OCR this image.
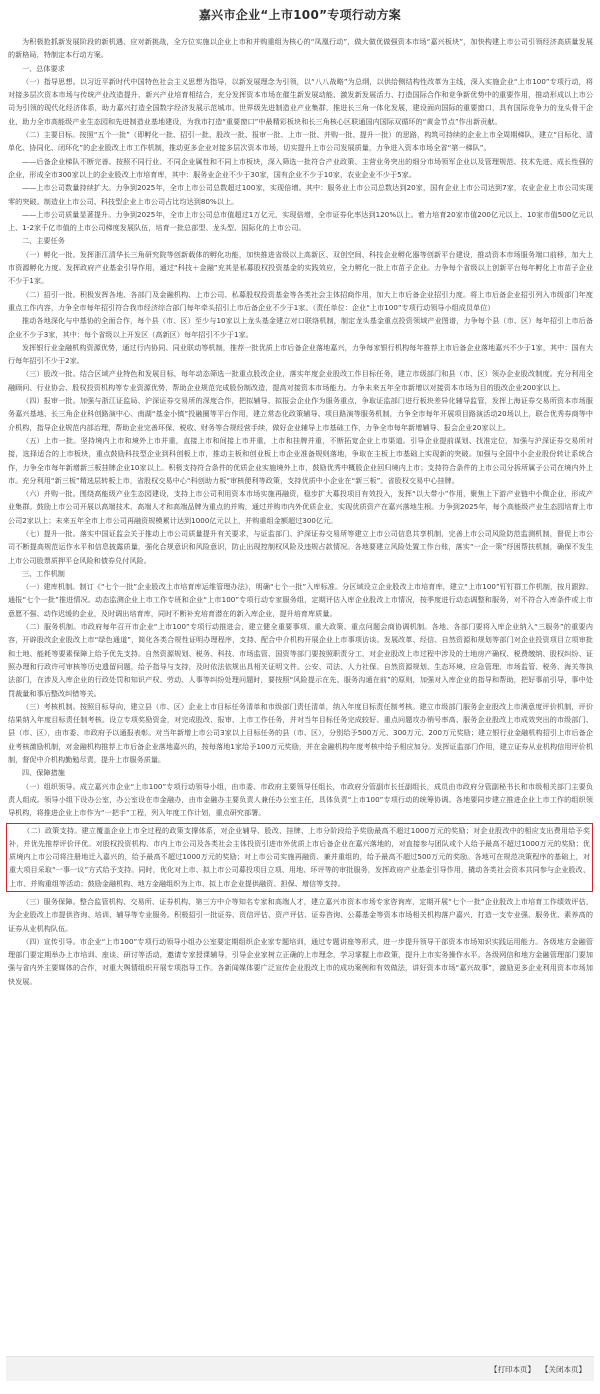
嘉兴市企业“上市100”专项行动方案

为积极抢抓新发展阶段的新机遇、应对新挑战，全方位实施以企业上市和并购重组为核心的“凤凰行动”，做大做优做强资本市场“嘉兴板块”，加快构建上市公司引领经济高质量发展的新格局，特制定本行动方案。

一、总体要求

（一）指导思想。以习近平新时代中国特色社会主义思想为指导，以新发展理念为引领，以“八八战略”为总纲，以供给侧结构性改革为主线，深入实施企业“上市100”专项行动，将对接多层次资本市场与传统产业改造提升、新兴产业培育相结合，充分发挥资本市场在催生新发展动能、激发新发展活力、打造国际合作和竞争新优势中的重要作用，推动形成以上市公司为引领的现代化经济体系，助力嘉兴打造全国数字经济发展示范城市、世界级先进制造业产业集群，推进长三角一体化发展，建设面向国际的重要窗口，具有国际竞争力的龙头骨干企业，助力全市高能级产业生态园和先进制造业基地建设，为我市打造“重要窗口”中最精彩板块和长三角核心区联通国内国际双循环的“黄金节点”作出新贡献。

（二）主要目标。按照“五个一批”（即孵化一批、招引一批、股改一批、报审一批、上市一批、并购一批、提升一批）的思路，构筑可持续的企业上市全周期梯队，建立“目标化、清单化、协同化、闭环化”的企业股改上市工作机制，推动更多企业对接多层次资本市场，切实提升上市公司发展质量，力争进入资本市场全省“第一梯队”。

——后备企业梯队不断完善。按照不同行业、不同企业属性和不同上市板块，深入筛选一批符合产业政策、主营业务突出的细分市场领军企业以及管理规范、技术先进、成长性强的企业，形成全市300家以上的企业股改上市培育库，其中：服务业企业不少于30家，国有企业不少于10家，农业企业不少于5家。

——上市公司数量持续扩大。力争到2025年，全市上市公司总数超过100家，实现倍增。其中：服务业上市公司总数达到20家，国有企业上市公司达到7家，农业企业上市公司实现零的突破。制造业上市公司、科技型企业上市公司占比均达到80%以上。

——上市公司质量显著提升。力争到2025年，全市上市公司总市值超过1万亿元，实现倍增，全市证券化率达到120%以上。着力培育20家市值200亿元以上、10家市值500亿元以上、1-2家千亿市值的上市公司梯度发展队伍，培育一批总部型、龙头型、国际化的上市公司。

二、主要任务

（一）孵化一批。发挥浙江清华长三角研究院等创新载体的孵化功能，加快推进省级以上高新区、双创空间、科技企业孵化器等创新平台建设，推动资本市场服务端口前移，加大上市资源孵化力度。发挥政府产业基金引导作用，通过“科技＋金融”充其是私募股权投资基金的实践效应，全力孵化一批上市苗子企业。力争每个省级以上创新平台每年孵化上市苗子企业不少于1家。

（二）招引一批。积极发挥各地、各部门及金融机构、上市公司、私募股权投资基金等各类社会主体招商作用，加大上市后备企业招引力度。将上市后备企业招引列入市级部门年度重点工作内容，力争全市每年招引符合我市经济综合部门每年牵头招引上市后备企业不少于1家。（责任单位：企业“上市100”专项行动领导小组成员单位）

推动各地深化与中基协的全面合作，每个县（市、区）至少与10家以上龙头基金建立对口联络机制，制定龙头基金重点投资领域产业图谱，力争每个县（市、区）每年招引上市后备企业不少于3家，其中：每个省级以上开发区（高新区）每年招引不少于1家。

发挥银行业金融机构资源优势，通过行内协同、同业联动等机制，推荐一批优质上市后备企业落地嘉兴，力争每家银行机构每年推荐上市后备企业落地嘉兴不少于1家，其中：国有大行每年招引不少于2家。

（三）股改一批。结合区域产业特色和发展目标，每年动态筛选一批重点股改企业，落实年度企业股改工作目标任务，建立市级部门和县（市、区）领办企业股改制度。充分利用全融顾问、行业协会、股权投资机构等专业资源优势，帮助企业规范完成股份制改造，提高对接资本市场能力。力争未来五年全市新增以对接资本市场为目的股改企业200家以上。

（四）报审一批。加强与浙江证监局、沪深证券交易所的深度合作，把拟辅导、拟报会企业作为服务重点，争取证监部门进行板块差异化辅导监管，发挥上海证券交易所资本市场服务嘉兴基地、长三角企业科创路演中心、南湖“基金小镇”投融圈等平台作用，建立常态化政策辅导、项目路演等服务机制，力争全市每年开展项目路演活动20场以上，联合优秀券商等中介机构，指导企业规范内部治理，帮助企业完善环保、税收、财务等合规经营手续，做好企业辅导上市基础工作，力争全市每年新增辅导、报会企业20家以上。

（五）上市一批。坚持境内上市和境外上市并重，直接上市和间接上市并重，上市和挂牌并重，不断拓宽企业上市渠道。引导企业提前谋划、找准定位，加强与沪深证券交易所对接，选择适合的上市板块，重点鼓励科技型企业到科创板上市，推动主板和创业板上市企业准备规则落地，争取在主板上市基础上实现新的突破。加强与全国中小企业股份转让系统合作，力争全市每年新增新三板挂牌企业10家以上。积极支持符合条件的优质企业实施境外上市，鼓励优秀中概股企业回归境内上市；支持符合条件的上市公司分拆所属子公司在境内外上市。充分利用“新三板”精选层转板上市，省股权交易中心“科创助力板”审核便利等政策，支持优质中小企业在“新三板”、省股权交易中心挂牌。

（六）并购一批。围绕高能级产业生态园建设，支持上市公司利用资本市场实施再融资，稳步扩大募投项目有效投入，发挥“以大带小”作用，聚焦上下游产业链中小微企业，形成产业集群。鼓励上市公司开展以高端技术、高端人才和高端品牌为重点的并购，通过并购市内外优质企业，实现优质资产在嘉兴落地生根。力争到2025年，每个高能级产业生态园培育上市公司2家以上；未来五年全市上市公司再融资规模累计达到1000亿元以上，并购重组金额超过300亿元。

（七）提升一批。落实中国证监会关于推动上市公司质量提升有关要求，与证监部门、沪深证券交易所等建立上市公司信息共享机制，完善上市公司风险防范监测机制，督促上市公司不断提高规范运作水平和信息披露质量，强化合规意识和风险意识，防止出现控制权风险及违规占款情况。各地要建立风险处置工作台账，落实“一企一策”纾困帮扶机制，确保不发生上市公司股票质押平仓风险和债券兑付风险。

三、工作机制

（一）建库机制。制订《“七个一批”企业股改上市培育库运维管理办法》，明确“七个一批”入库标准。分区域设立企业股改上市培育库，建立“上市100”钉钉群工作机制，按月跟踪、通报“七个一批”推进情况。动态监测企业上市工作专班和企业“上市100”专项行动专家服务组，定期评估入库企业股改上市情况，按季度进行动态调整和服务，对不符合入库条件或上市意愿不强、动作迟缓的企业，及时调出培育库，同时不断补充培育潜在的新入库企业，提升培育库质量。

（二）服务机制。市政府每年召开市企业“上市100”专项行动推进会，建立健全重要事项、重大政策、重点问题会商协调机制。各地、各部门要将入库企业纳入“三服务”的重要内容，开辟股改企业股改上市“绿色通道”，简化各类合规性证明办理程序，支持、配合中介机构开展企业上市事项访谈。发展改革、经信、自然资源和规划等部门对企业投资项目立项审批和土地、能耗等要素保障上给予优先支持。自然资源规划、税务、科技、市场监管、国资等部门要按照职责分工，对企业股改上市过程中涉及的土地房产确权、税费缴纳、股权纠纷、证照办理和行政许可审核等历史遗留问题，给予指导与支持，及时依法依规出具相关证明文件。公安、司法、人力社保、自然资源规划、生态环境、应急管理、市场监管、税务、海关等执法部门，在涉及入库企业的行政处罚和知识产权、劳动、人事等纠纷处理问题时，要按照“风险提示在先、服务沟通在前”的原则，加强对入库企业的指导和帮助，把好事前引导，事中处罚裁量和事后整改纠错等关。

（三）考核机制。按照目标导向，建立县（市、区）企业上市目标任务清单和市级部门责任清单，纳入年度目标责任制考核。建立市级部门服务企业股改上市满意度评价机制，评价结果纳入年度目标责任制考核。设立专项奖励资金，对完成股改、报审、上市工作任务，并对当年目标任务完成较好、重点问题攻办销号率高、服务企业股改上市成效突出的市级部门、县（市、区），由市委、市政府予以通报表彰。对当年新增上市公司3家以上目标任务的县（市、区），分别给予500万元、300万元、200万元奖励；建立银行业金融机构招引上市后备企业考核激励机制，对金融机构推荐上市后备企业落地嘉兴的，按每落地1家给予100万元奖励，并在金融机构年度考核中给予相应加分。发挥证监部门作用，建立证券从业机构信用评价机制，督促中介机构勤勉尽责，提升上市服务质量。

四、保障措施

（一）组织领导。成立嘉兴市企业“上市100”专项行动领导小组，由市委、市政府主要领导任组长，市政府分管副市长任副组长，成员由市政府分管副秘书长和市级相关部门主要负责人组成。领导小组下设办公室，办公室设在市金融办，由市金融办主要负责人兼任办公室主任，具体负责“上市100”专项行动的统筹协调。各地要同步建立推进企业上市工作的组织领导机构，将推进企业上市作为“一把手”工程，列入年度工作计划，重点研究部署。

（二）政策支持。建立覆盖企业上市全过程的政策支撑体系，对企业辅导、股改、挂牌、上市分阶段给予奖励最高不超过1000万元的奖励；对企业股改中的相应支出费用给予奖补，并优先推荐评价评优。对股权投资机构、市内上市公司及各类社会主体投资引进市外优质上市后备企业在嘉兴落地的，对直接参与团队或个人给予最高不超过1000万元的奖励；优质境内上市公司将注册地迁入嘉兴的，给予最高不超过1000万元的奖励；对上市公司实施再融资、兼并重组的，给予最高不超过500万元的奖励。各地可在规范决策程序的基础上，对重大项目采取“一事一议”方式给予支持。同时，优化对上市、拟上市公司募投项目立项、用地、环评等的审批服务，发挥政府产业基金引导作用，撬动各类社会资本共同参与企业股改、上市、并购重组等活动；鼓励金融机构、地方金融组织为上市、拟上市企业提供融资、担保、增信等支持。

（三）服务保障。整合监管机构、交易所、证券机构、第三方中介等知名专家和高端人才，建立嘉兴市资本市场专家咨询库，定期开展“七个一批”企业股改上市培育工作绩效评估，为企业股改上市提供咨询、培训、辅导等专业服务。积极招引一批证券、资信评估、资产评估、证券咨询、公募基金等资本市场相关机构落户嘉兴，打造一支专业强、服务优、素养高的证券从业机构队伍。

（四）宣传引导。市企业“上市100”专项行动领导小组办公室要定期组织企业家专题培训，通过专题讲座等形式，进一步提升领导干部资本市场知识实践运用能力。各级地方金融管理部门要定期举办上市培训、座谈、研讨等活动，邀请专家授课辅导，引导企业家树立正确的上市理念，学习掌握上市政策，提升上市实务操作水平。各级网信和地方金融管理部门要加强与省内外主要媒体的合作，对重大舆情组织开展专项指导工作。各新闻媒体要广泛宣传企业股改上市的成功案例和有效做法，讲好资本市场“嘉兴故事”，激励更多企业利用资本市场加快发展。

【打印本页】 【关闭本页】
